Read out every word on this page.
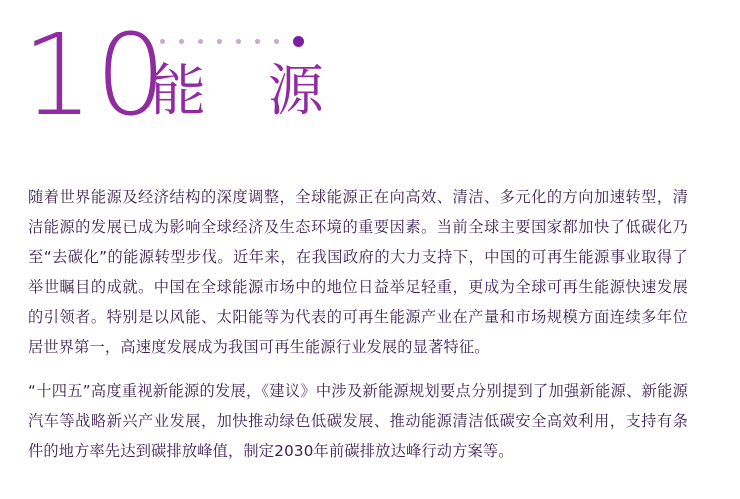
10
能 源

随着世界能源及经济结构的深度调整，全球能源正在向高效、清洁、多元化的方向加速转型，清洁能源的发展已成为影响全球经济及生态环境的重要因素。当前全球主要国家都加快了低碳化乃至“去碳化”的能源转型步伐。近年来，在我国政府的大力支持下，中国的可再生能源事业取得了举世瞩目的成就。中国在全球能源市场中的地位日益举足轻重，更成为全球可再生能源快速发展的引领者。特别是以风能、太阳能等为代表的可再生能源产业在产量和市场规模方面连续多年位居世界第一，高速度发展成为我国可再生能源行业发展的显著特征。

“十四五”高度重视新能源的发展，《建议》中涉及新能源规划要点分别提到了加强新能源、新能源汽车等战略新兴产业发展，加快推动绿色低碳发展、推动能源清洁低碳安全高效利用，支持有条件的地方率先达到碳排放峰值，制定2030年前碳排放达峰行动方案等。
